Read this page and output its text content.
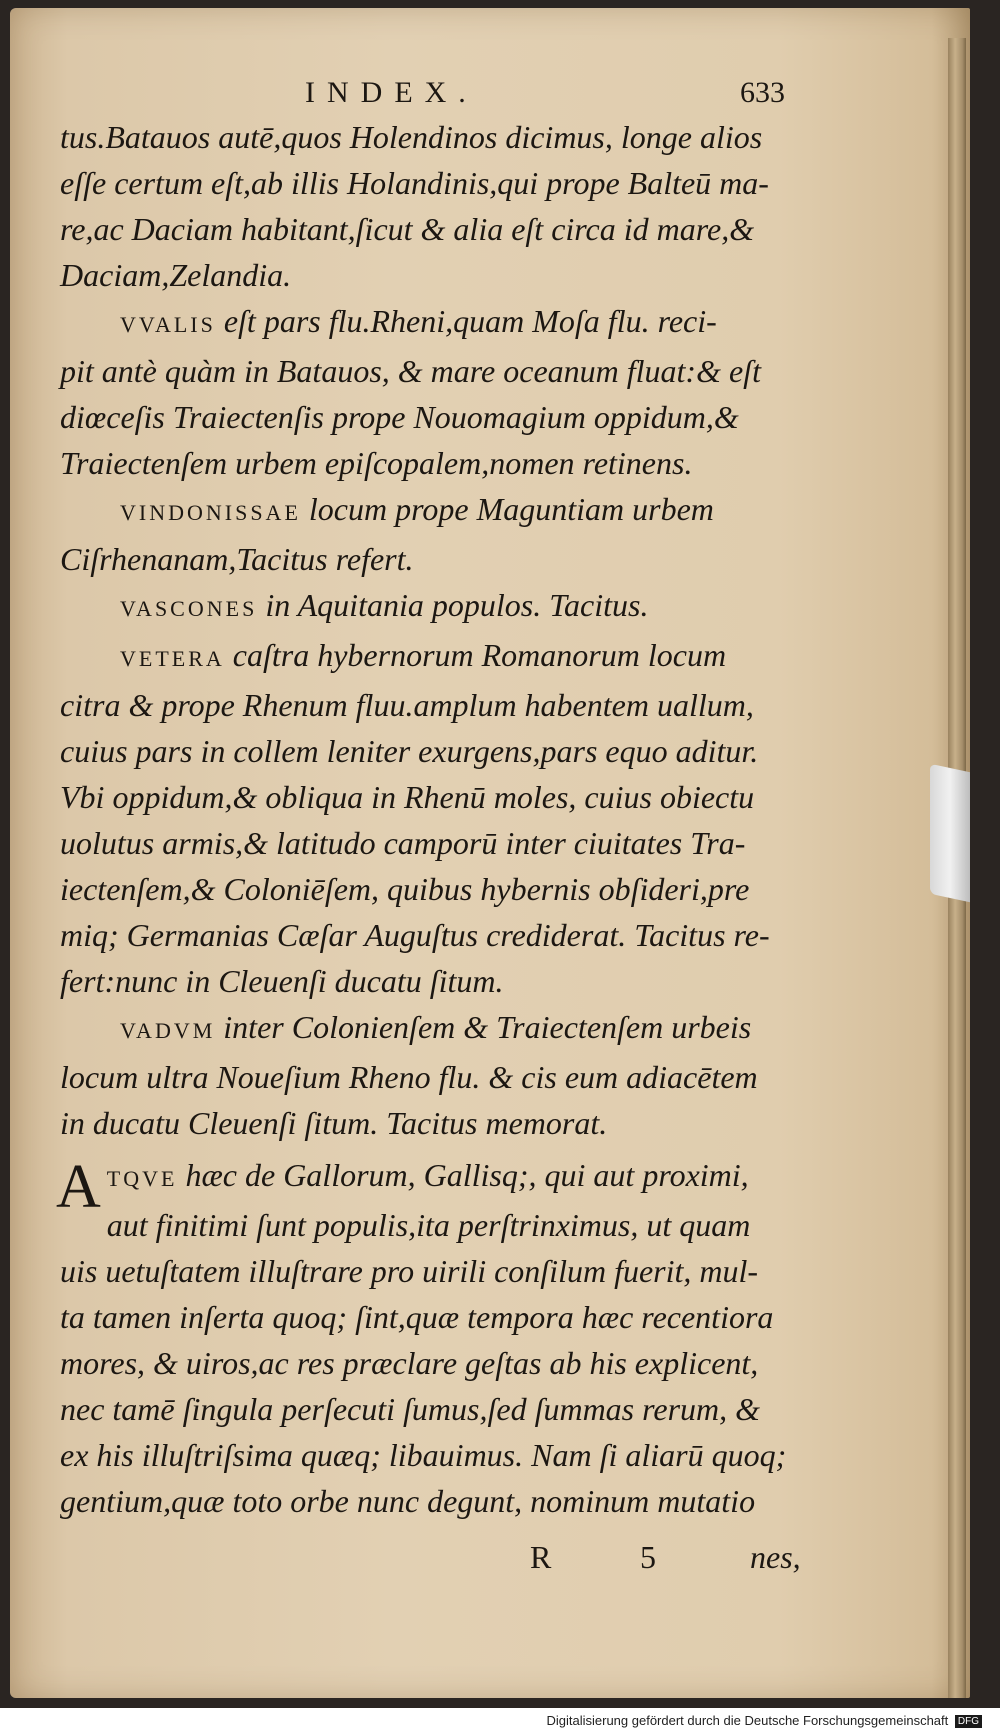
INDEX.	633
tus.Batauos autē,quos Holendinos dicimus, longe alios
eſſe certum eſt,ab illis Holandinis,qui prope Balteū ma-
re,ac Daciam habitant,ſicut & alia eſt circa id mare,&
Daciam,Zelandia.
VVALIS eſt pars flu.Rheni,quam Moſa flu. reci-
pit antè quàm in Batauos, & mare oceanum fluat:& eſt
diœceſis Traiectenſis prope Nouomagium oppidum,&
Traiectenſem urbem epiſcopalem,nomen retinens.
VINDONISSAE locum prope Maguntiam urbem
Ciſrhenanam,Tacitus refert.
VASCONES in Aquitania populos. Tacitus.
VETERA caſtra hybernorum Romanorum locum
citra & prope Rhenum fluu.amplum habentem uallum,
cuius pars in collem leniter exurgens,pars equo aditur.
Vbi oppidum,& obliqua in Rhenū moles, cuius obiectu
uolutus armis,& latitudo camporū inter ciuitates Tra-
iectenſem,& Coloniēſem, quibus hybernis obſideri,pre
miq; Germanias Cæſar Auguſtus crediderat. Tacitus re-
fert:nunc in Cleuenſi ducatu ſitum.
VADVM inter Colonienſem & Traiectenſem urbeis
locum ultra Noueſium Rheno flu. & cis eum adiacētem
in ducatu Cleuenſi ſitum. Tacitus memorat.
A TQVE hæc de Gallorum, Gallisq;, qui aut proximi,
aut finitimi ſunt populis,ita perſtrinximus, ut quam
uis uetuſtatem illuſtrare pro uirili conſilum fuerit, mul-
ta tamen inſerta quoq; ſint,quæ tempora hæc recentiora
mores, & uiros,ac res præclare geſtas ab his explicent,
nec tamē ſingula perſecuti ſumus,ſed ſummas rerum, &
ex his illuſtriſsima quæq; libauimus. Nam ſi aliarū quoq;
gentium,quæ toto orbe nunc degunt, nominum mutatio
R	5	nes,
Digitalisierung gefördert durch die Deutsche Forschungsgemeinschaft DFG
